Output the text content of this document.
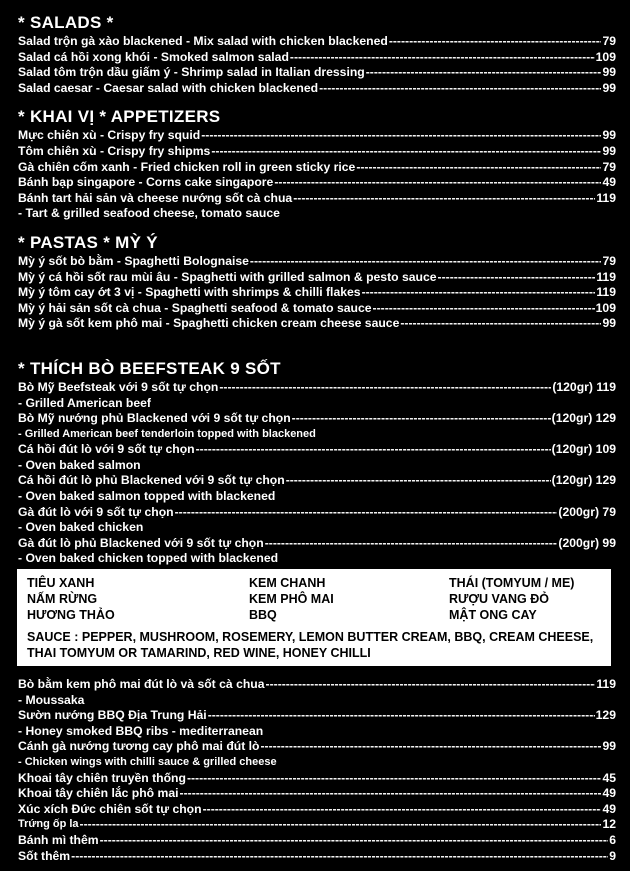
* SALADS *
Salad trộn gà xào blackened - Mix salad with chicken blackened -----	79
Salad cá hồi xong khói - Smoked salmon salad -----	109
Salad tôm trộn dầu giấm ý - Shrimp salad in Italian dressing -----	99
Salad caesar - Caesar salad with chicken blackened -----	99
* KHAI VỊ * APPETIZERS
Mực chiên xù - Crispy fry squid -----	99
Tôm chiên xù - Crispy fry shipms -----	99
Gà chiên cốm xanh - Fried chicken roll in green sticky rice -----	79
Bánh bạp singapore - Corns cake singapore -----	49
Bánh tart hải sản và cheese nướng sốt cà chua -----	119
- Tart & grilled seafood cheese, tomato sauce
* PASTAS * MỲ Ý
Mỳ ý sốt bò bằm - Spaghetti Bolognaise -----	79
Mỳ ý cá hồi sốt rau mùi âu - Spaghetti with grilled salmon & pesto sauce -----	119
Mỳ ý tôm cay ớt 3 vị - Spaghetti with shrimps & chilli flakes -----	119
Mỳ ý hải sản sốt cà chua - Spaghetti seafood & tomato sauce -----	109
Mỳ ý gà sốt kem phô mai - Spaghetti chicken cream cheese sauce -----	99
* THÍCH BÒ BEEFSTEAK 9 SỐT
Bò Mỹ Beefsteak với 9 sốt tự chọn -----	(120gr) 119
- Grilled American beef
Bò Mỹ nướng phủ Blackened với 9 sốt tự chọn -----	(120gr) 129
- Grilled American beef tenderloin topped with blackened
Cá hồi đút lò với 9 sốt tự chọn -----	(120gr) 109
- Oven baked salmon
Cá hồi đút lò phủ Blackened với 9 sốt tự chọn -----	(120gr) 129
- Oven baked salmon topped with blackened
Gà đút lò với 9 sốt tự chọn -----	(200gr) 79
- Oven baked chicken
Gà đút lò phủ Blackened với 9 sốt tự chọn -----	(200gr) 99
- Oven baked chicken topped with blackened
TIÊU XANH	KEM CHANH	THÁI (TOMYUM / ME)
NẤM RỪNG	KEM PHÔ MAI	RƯỢU VANG ĐỎ
HƯƠNG THẢO	BBQ	MẬT ONG CAY
SAUCE : PEPPER, MUSHROOM, ROSEMERY, LEMON BUTTER CREAM, BBQ, CREAM CHEESE, THAI TOMYUM OR TAMARIND, RED WINE, HONEY CHILLI
Bò bằm kem phô mai đút lò và sốt cà chua -----	119
- Moussaka
Sườn nướng BBQ Địa Trung Hải -----	129
- Honey smoked BBQ ribs - mediterranean
Cánh gà nướng tương cay phô mai đút lò -----	99
- Chicken wings with chilli sauce & grilled cheese
Khoai tây chiên truyền thống -----	45
Khoai tây chiên lắc phô mai -----	49
Xúc xích Đức chiên sốt tự chọn -----	49
Trứng ốp la -----	12
Bánh mì thêm -----	6
Sốt thêm -----	9
